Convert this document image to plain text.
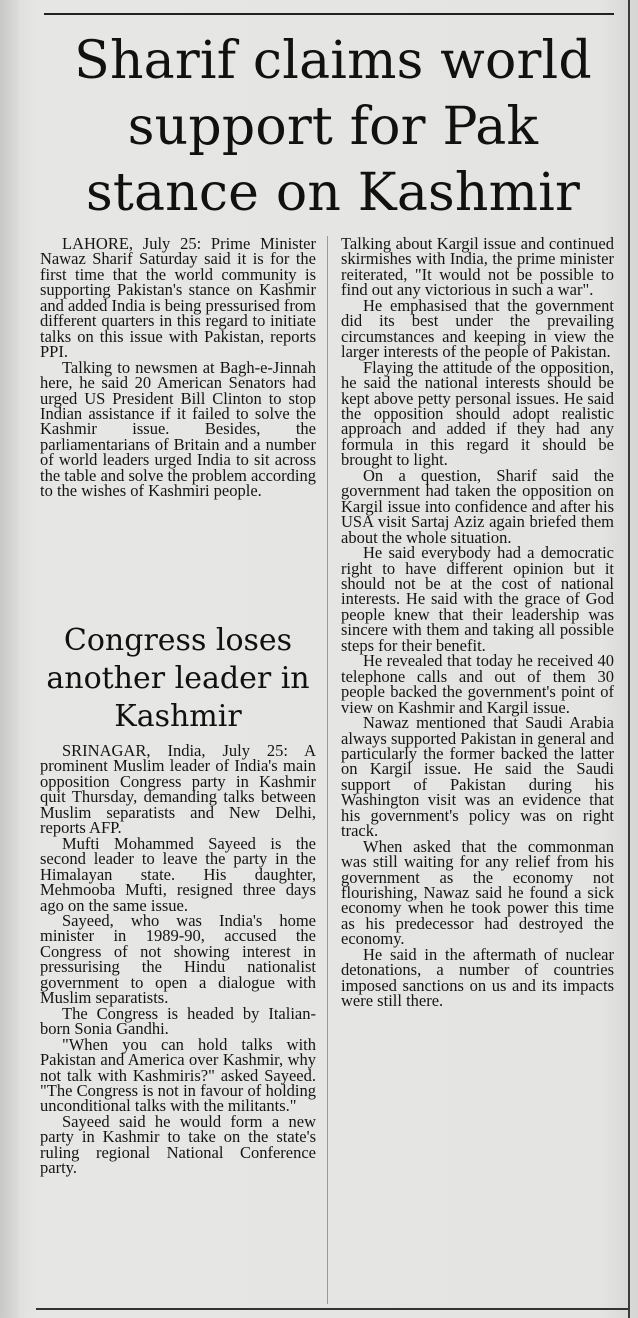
Sharif claims world support for Pak stance on Kashmir

LAHORE, July 25: Prime Minister Nawaz Sharif Saturday said it is for the first time that the world community is supporting Pakistan's stance on Kashmir and added India is being pressurised from different quarters in this regard to initiate talks on this issue with Pakistan, reports PPI.

Talking to newsmen at Bagh-e-Jinnah here, he said 20 American Senators had urged US President Bill Clinton to stop Indian assistance if it failed to solve the Kashmir issue. Besides, the parliamentarians of Britain and a number of world leaders urged India to sit across the table and solve the problem according to the wishes of Kashmiri people.

Congress loses another leader in Kashmir

SRINAGAR, India, July 25: A prominent Muslim leader of India's main opposition Congress party in Kashmir quit Thursday, demanding talks between Muslim separatists and New Delhi, reports AFP.

Mufti Mohammed Sayeed is the second leader to leave the party in the Himalayan state. His daughter, Mehmooba Mufti, resigned three days ago on the same issue.

Sayeed, who was India's home minister in 1989-90, accused the Congress of not showing interest in pressurising the Hindu nationalist government to open a dialogue with Muslim separatists.

The Congress is headed by Italian-born Sonia Gandhi.

"When you can hold talks with Pakistan and America over Kashmir, why not talk with Kashmiris?" asked Sayeed. "The Congress is not in favour of holding unconditional talks with the militants."

Sayeed said he would form a new party in Kashmir to take on the state's ruling regional National Conference party.

Talking about Kargil issue and continued skirmishes with India, the prime minister reiterated, "It would not be possible to find out any victorious in such a war".

He emphasised that the government did its best under the prevailing circumstances and keeping in view the larger interests of the people of Pakistan.

Flaying the attitude of the opposition, he said the national interests should be kept above petty personal issues. He said the opposition should adopt realistic approach and added if they had any formula in this regard it should be brought to light.

On a question, Sharif said the government had taken the opposition on Kargil issue into confidence and after his USA visit Sartaj Aziz again briefed them about the whole situation.

He said everybody had a democratic right to have different opinion but it should not be at the cost of national interests. He said with the grace of God people knew that their leadership was sincere with them and taking all possible steps for their benefit.

He revealed that today he received 40 telephone calls and out of them 30 people backed the government's point of view on Kashmir and Kargil issue.

Nawaz mentioned that Saudi Arabia always supported Pakistan in general and particularly the former backed the latter on Kargil issue. He said the Saudi support of Pakistan during his Washington visit was an evidence that his government's policy was on right track.

When asked that the commonman was still waiting for any relief from his government as the economy not flourishing, Nawaz said he found a sick economy when he took power this time as his predecessor had destroyed the economy.

He said in the aftermath of nuclear detonations, a number of countries imposed sanctions on us and its impacts were still there.
